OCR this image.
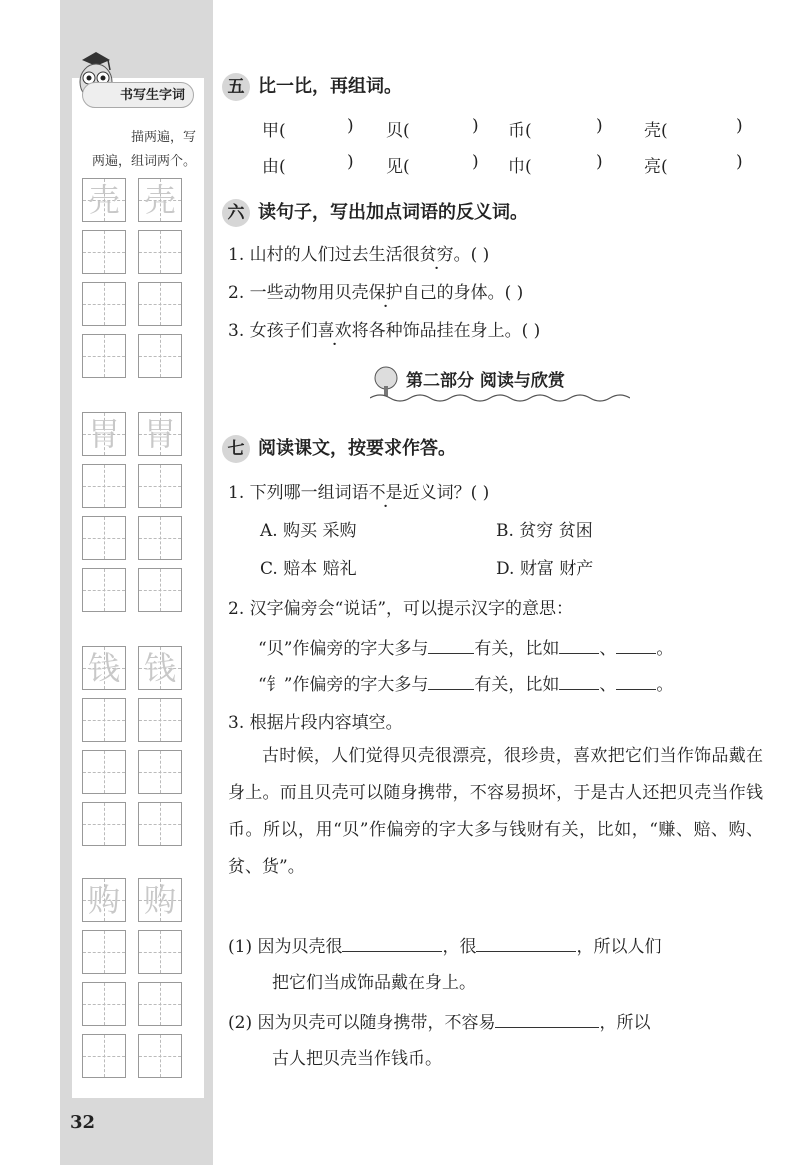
书写生字词
描两遍，写
两遍，组词两个。
壳 壳
胃 胃
钱 钱
购 购
32
五 比一比，再组词。
甲(	) 贝(	) 币(	) 壳(	)
由(	) 见(	) 巾(	) 亮(	)
六 读句子，写出加点词语的反义词。
1. 山村的人们过去生活很贫穷。( )
2. 一些动物用贝壳保护自己的身体。( )
3. 女孩子们喜欢将各种饰品挂在身上。( )
第二部分 阅读与欣赏
七 阅读课文，按要求作答。
1. 下列哪一组词语不是近义词？( )
A. 购买 采购	B. 贫穷 贫困
C. 赔本 赔礼	D. 财富 财产
2. 汉字偏旁会“说话”，可以提示汉字的意思：
“贝”作偏旁的字大多与	有关，比如 、 。
“钅”作偏旁的字大多与	有关，比如 、 。
3. 根据片段内容填空。
古时候，人们觉得贝壳很漂亮，很珍贵，喜欢把它们当作饰品戴在身上。而且贝壳可以随身携带，不容易损坏，于是古人还把贝壳当作钱币。所以，用“贝”作偏旁的字大多与钱财有关，比如，“赚、赔、购、贫、货”。
(1) 因为贝壳很	，很	，所以人们
把它们当成饰品戴在身上。
(2) 因为贝壳可以随身携带，不容易	，所以
古人把贝壳当作钱币。
